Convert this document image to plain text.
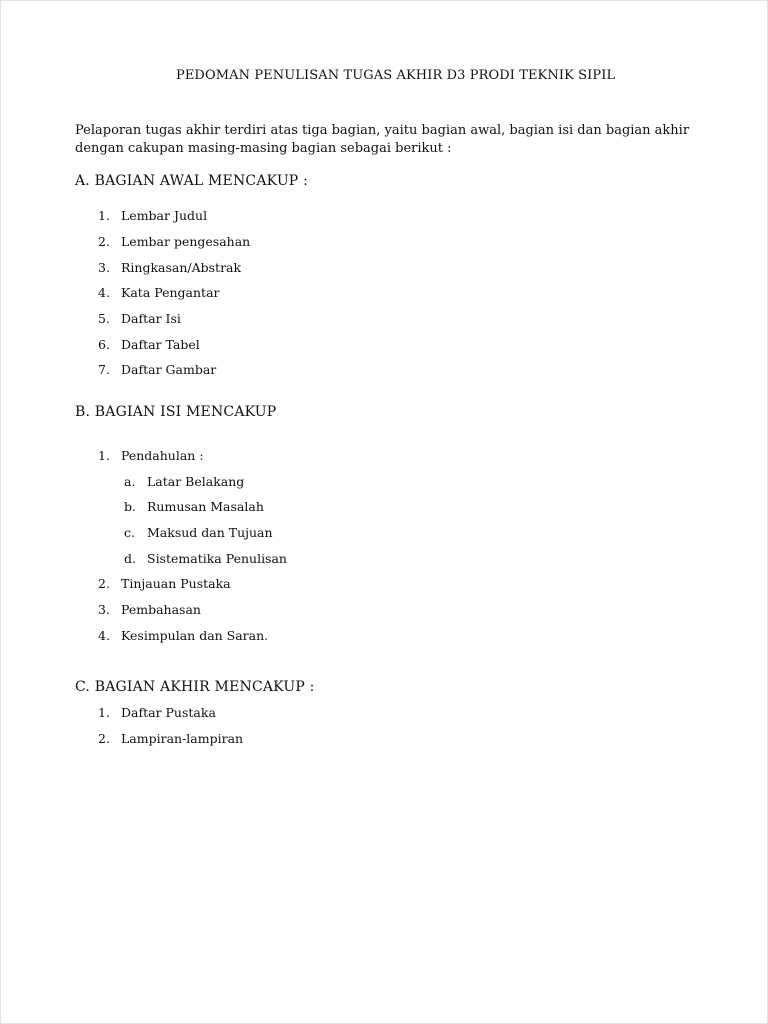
PEDOMAN PENULISAN TUGAS AKHIR D3 PRODI TEKNIK SIPIL
Pelaporan tugas akhir terdiri atas tiga bagian, yaitu bagian awal, bagian isi dan bagian akhir
dengan cakupan masing-masing bagian sebagai berikut :
A. BAGIAN AWAL MENCAKUP :
1. Lembar Judul
2. Lembar pengesahan
3. Ringkasan/Abstrak
4. Kata Pengantar
5. Daftar Isi
6. Daftar Tabel
7. Daftar Gambar
B. BAGIAN ISI MENCAKUP
1. Pendahulan :
a. Latar Belakang
b. Rumusan Masalah
c. Maksud dan Tujuan
d. Sistematika Penulisan
2. Tinjauan Pustaka
3. Pembahasan
4. Kesimpulan dan Saran.
C. BAGIAN AKHIR MENCAKUP :
1. Daftar Pustaka
2. Lampiran-lampiran
